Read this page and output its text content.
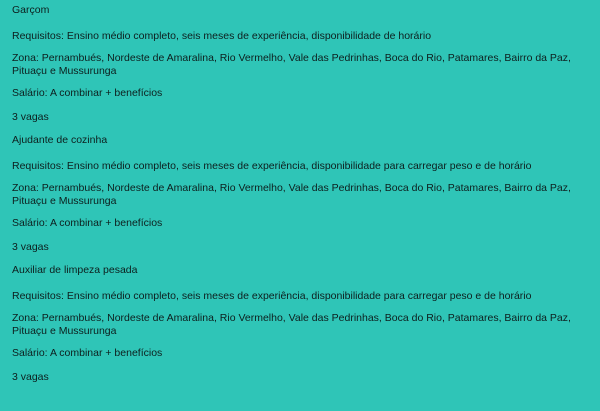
Garçom

Requisitos: Ensino médio completo, seis meses de experiência, disponibilidade de horário

Zona: Pernambués, Nordeste de Amaralina, Rio Vermelho, Vale das Pedrinhas, Boca do Rio, Patamares, Bairro da Paz, Pituaçu e Mussurunga

Salário: A combinar + benefícios

3 vagas

Ajudante de cozinha

Requisitos: Ensino médio completo, seis meses de experiência, disponibilidade para carregar peso e de horário

Zona: Pernambués, Nordeste de Amaralina, Rio Vermelho, Vale das Pedrinhas, Boca do Rio, Patamares, Bairro da Paz, Pituaçu e Mussurunga

Salário: A combinar + benefícios

3 vagas

Auxiliar de limpeza pesada

Requisitos: Ensino médio completo, seis meses de experiência, disponibilidade para carregar peso e de horário

Zona: Pernambués, Nordeste de Amaralina, Rio Vermelho, Vale das Pedrinhas, Boca do Rio, Patamares, Bairro da Paz, Pituaçu e Mussurunga

Salário: A combinar + benefícios

3 vagas
